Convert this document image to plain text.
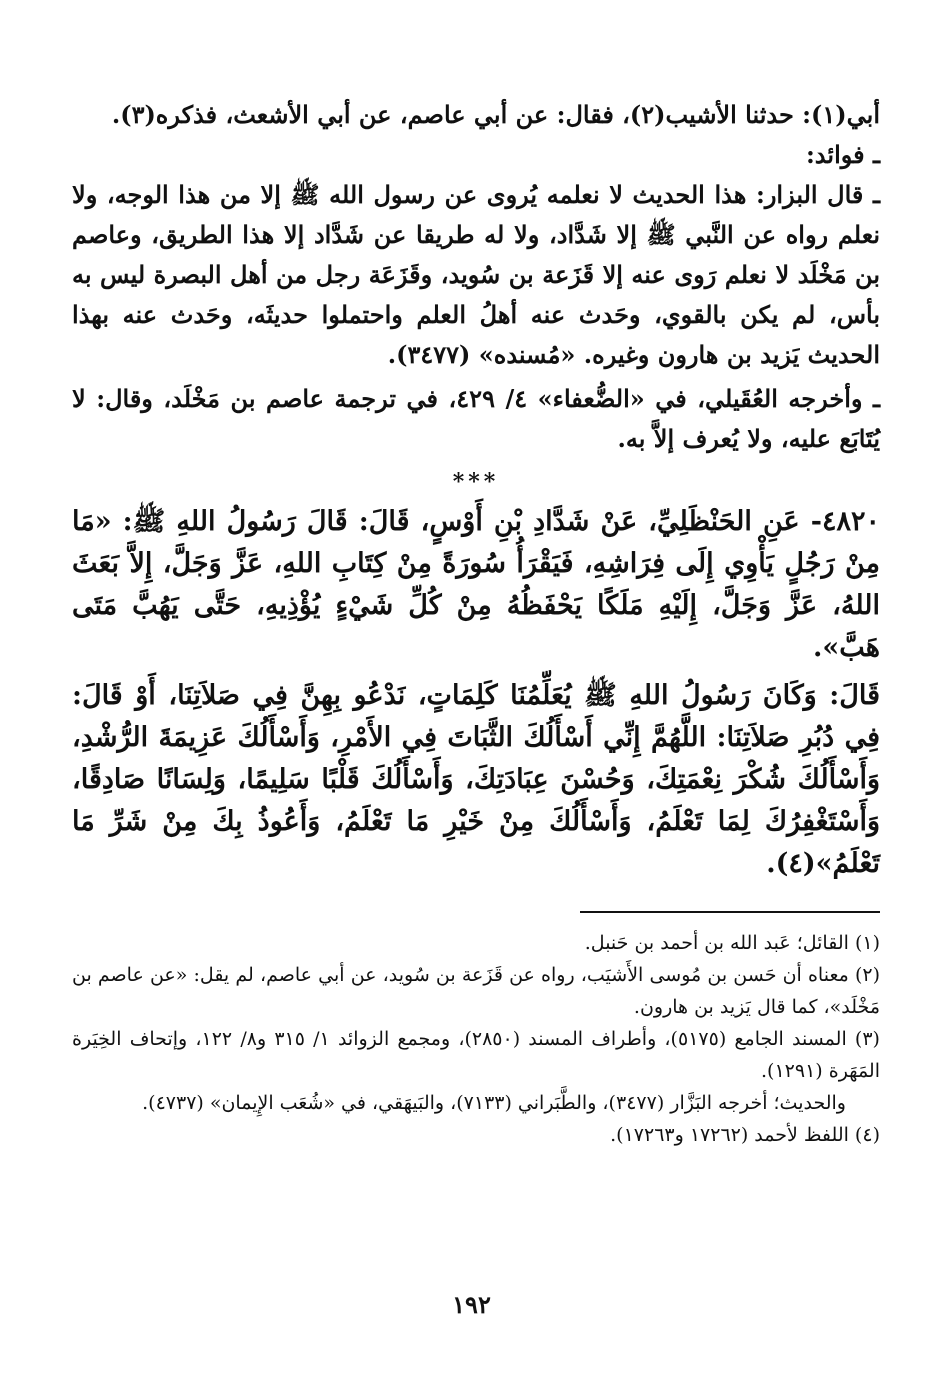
أبي(١): حدثنا الأشيب(٢)، فقال: عن أبي عاصم، عن أبي الأشعث، فذكره(٣).

ـ فوائد:

ـ قال البزار: هذا الحديث لا نعلمه يُروى عن رسول الله ﷺ إلا من هذا الوجه، ولا نعلم رواه عن النَّبي ﷺ إلا شَدَّاد، ولا له طريقا عن شَدَّاد إلا هذا الطريق، وعاصم بن مَخْلَد لا نعلم رَوى عنه إلا قَزَعة بن سُويد، وقَزَعَة رجل من أهل البصرة ليس به بأس، لم يكن بالقوي، وحَدث عنه أهلُ العلم واحتملوا حديثَه، وحَدث عنه بهذا الحديث يَزيد بن هارون وغيره. «مُسنده» (٣٤٧٧).

ـ وأخرجه العُقَيلي، في «الضُّعفاء» ٤/ ٤٢٩، في ترجمة عاصم بن مَخْلَد، وقال: لا يُتَابَع عليه، ولا يُعرف إلاَّ به.

***

٤٨٢٠- عَنِ الحَنْظَلِيِّ، عَنْ شَدَّادِ بْنِ أَوْسٍ، قَالَ: قَالَ رَسُولُ اللهِ ﷺ: «مَا مِنْ رَجُلٍ يَأْوِي إِلَى فِرَاشِهِ، فَيَقْرَأُ سُورَةً مِنْ كِتَابِ اللهِ، عَزَّ وَجَلَّ، إِلاَّ بَعَثَ اللهُ، عَزَّ وَجَلَّ، إِلَيْهِ مَلَكًا يَحْفَظُهُ مِنْ كُلِّ شَيْءٍ يُؤْذِيهِ، حَتَّى يَهُبَّ مَتَى هَبَّ».

قَالَ: وَكَانَ رَسُولُ اللهِ ﷺ يُعَلِّمُنَا كَلِمَاتٍ، نَدْعُو بِهِنَّ فِي صَلاَتِنَا، أَوْ قَالَ: فِي دُبُرِ صَلاَتِنَا: اللَّهُمَّ إِنِّي أَسْأَلُكَ الثَّبَاتَ فِي الأَمْرِ، وَأَسْأَلُكَ عَزِيمَةَ الرُّشْدِ، وَأَسْأَلُكَ شُكْرَ نِعْمَتِكَ، وَحُسْنَ عِبَادَتِكَ، وَأَسْأَلُكَ قَلْبًا سَلِيمًا، وَلِسَانًا صَادِقًا، وَأَسْتَغْفِرُكَ لِمَا تَعْلَمُ، وَأَسْأَلُكَ مِنْ خَيْرِ مَا تَعْلَمُ، وَأَعُوذُ بِكَ مِنْ شَرِّ مَا تَعْلَمُ»(٤).

(١) القائل؛ عَبد الله بن أحمد بن حَنبل.

(٢) معناه أن حَسن بن مُوسى الأَشيَب، رواه عن قَزَعة بن سُويد، عن أبي عاصم، لم يقل: «عن عاصم بن مَخْلَد»، كما قال يَزيد بن هارون.

(٣) المسند الجامع (٥١٧٥)، وأطراف المسند (٢٨٥٠)، ومجمع الزوائد ١/ ٣١٥ و٨/ ١٢٢، وإتحاف الخِيَرة المَهَرة (١٢٩١).

والحديث؛ أخرجه البَزَّار (٣٤٧٧)، والطَّبَراني (٧١٣٣)، والبَيهَقي، في «شُعَب الإِيمان» (٤٧٣٧).

(٤) اللفظ لأحمد (١٧٢٦٢ و١٧٢٦٣).

١٩٢
